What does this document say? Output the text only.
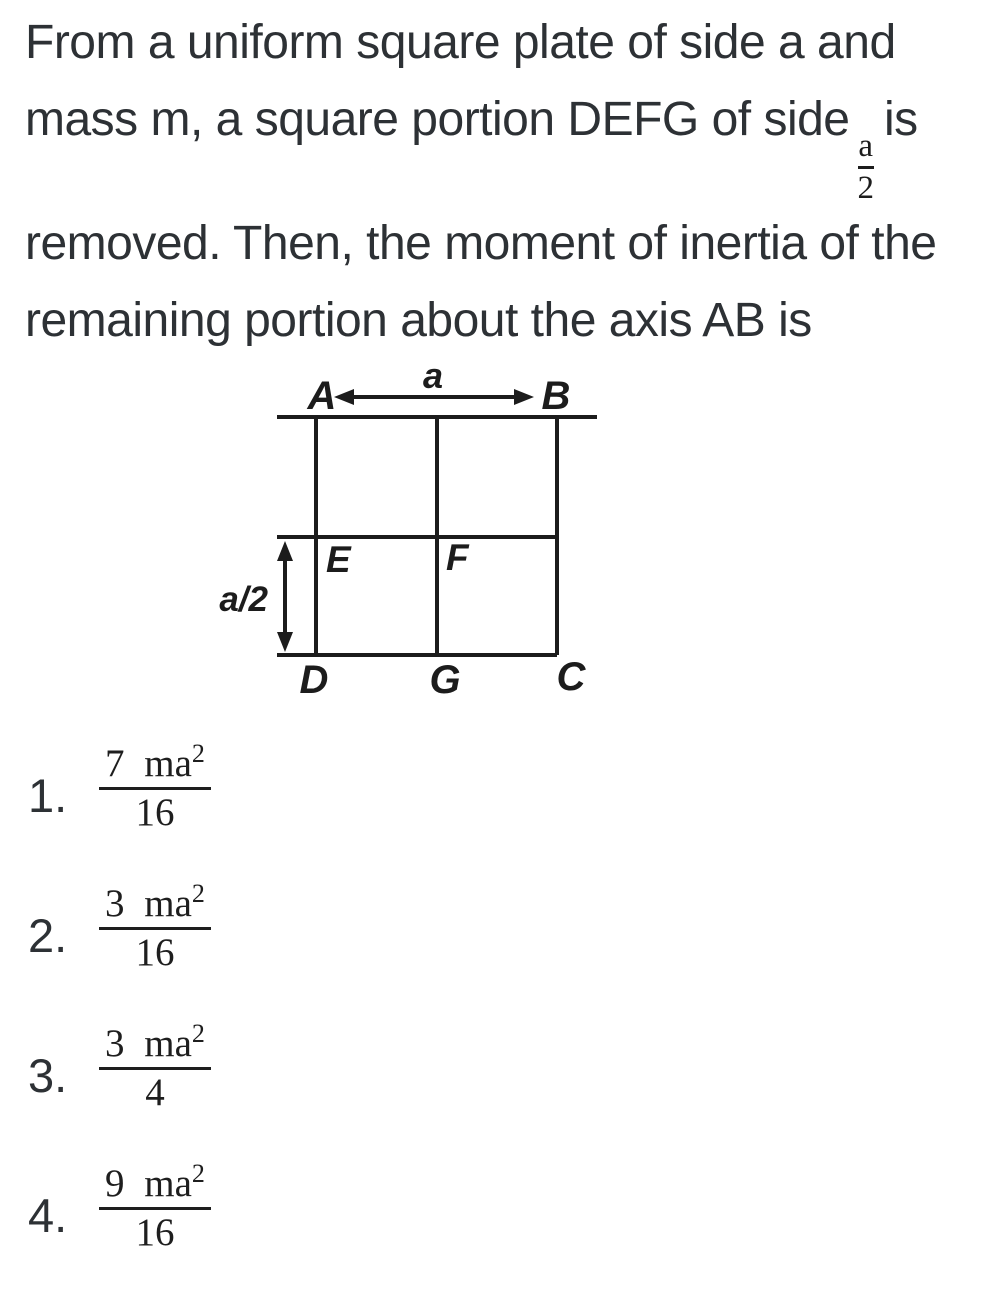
From a uniform square plate of side a and
mass m, a square portion DEFG of side
$\frac{a}{2}$
is
removed. Then, the moment of inertia of the
remaining portion about the axis AB is
A	B
a
a/2
E	F
D	G C
1. $\frac{7 ma^2}{16}$
2. $\frac{3 ma^2}{16}$
3. $\frac{3 ma^2}{4}$
4. $\frac{9 ma^2}{16}$
